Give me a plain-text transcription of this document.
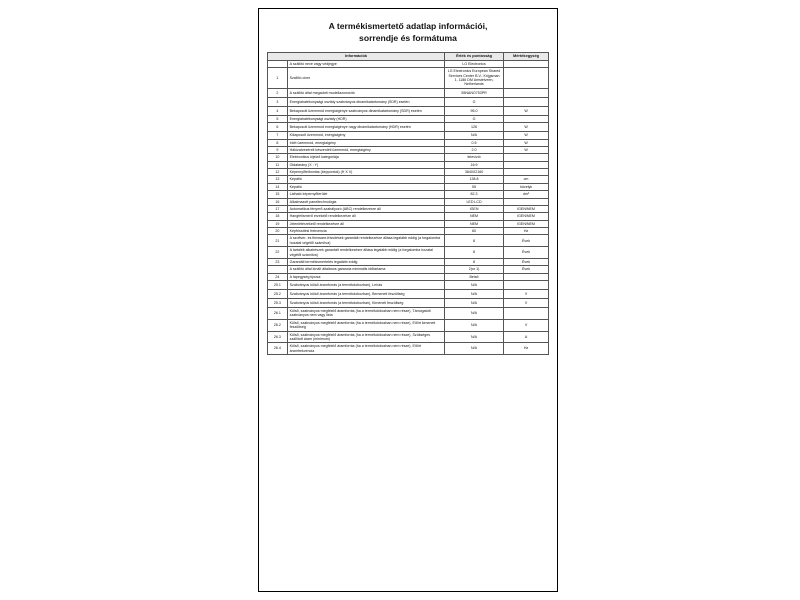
A termékismertető adatlap információi,
sorrendje és formátuma
Információk		Érték és pontosság	Mértékegység
	A szállító neve vagy védjegye	LG Electronics	
1	Szállító címe	LG Electronics European Shared Services Center B.V., Krijgsman 1, 1186 DM Amstelveen, Netherlands	
2	A szállító által megadott modellazonosító	55NANO753PR	
3	Energiahatékonysági osztály szabványos dinamikatartomány (SDR) esetén	G	
4	Bekapcsolt üzemmód energiaigénye szabványos dinamikatartomány (SDR) esetén	95.0	W
5	Energiahatékonysági osztály (HDR)	G	
6	Bekapcsolt üzemmód energiaigénye nagy dinamikatartomány (HDR) esetén	126	W
7	Kikapcsolt üzemmód, energiaigény	N/A	W
8	Inlét üzemmód, energiaigény	0.5	W
9	Hálózatvezérelt készenléti üzemmód, energiaigény	2.0	W
10	Elektronikus kijelző kategóriája	televízió	
11	Oldalarány (X : Y)	16:9	
12	Képernyőfelbontás (képpontok) (H X V)	3840X2160	
13	Képátló	138.8	cm
14	Képátló	55	hüvelyk
15	Látható képernyőterület	82.3	dm²
16	Alkalmazott paneltechnológia	LED LCD	
17	Automatikus fényerő-szabályozó (ABC) rendelkezésre áll	IGEN	IGEN/NEM
18	Hangfelismerő érzékelő rendelkezésre áll	NEM	IGEN/NEM
19	Jelenlétérzékelő rendelkezésre áll	NEM	IGEN/NEM
20	Képfrissítési frekvencia	60	Hz
21	A szoftver- és firmware-frissítések garantált rendelkezésre állása legalább eddig (a forgalomba hozatal végétől számítva)	8	Évek
22	A tartalék alkatrészek garantált rendelkezésre állása legalább eddig (a forgalomba hozatal végétől számítva)	8	Évek
23	Garantált termékismertetés legalább eddig	8	Évek
	A szállító által kínált általános garancia minimális időtartama	2(or 1)	Évek
24	A tápegység típusa:	Belső	
25.1	Szabványos külső áramforrás (a termékdobozban), Leírás	N/A	
25.2	Szabványos külső áramforrás (a termékdobozban), Bemeneti feszültség	N/A	V
25.3	Szabványos külső áramforrás (a termékdobozban), Kimeneti feszültség	N/A	V
26.1	Külső, szabványos megfelelő áramforrás (ha a termékdobozban nem része), Támogatott szabványos nem vagy lista	N/A	
26.2	Külső, szabványos megfelelő áramforrás (ha a termékdobozban nem része), Előírt kimeneti feszültség	N/A	V
26.3	Külső, szabványos megfelelő áramforrás (ha a termékdobozban nem része), Szükséges szállított áram (minimum)	N/A	A
26.4	Külső, szabványos megfelelő áramforrás (ha a termékdobozban nem része), Előírt áramfrekvencia	N/A	Hz
